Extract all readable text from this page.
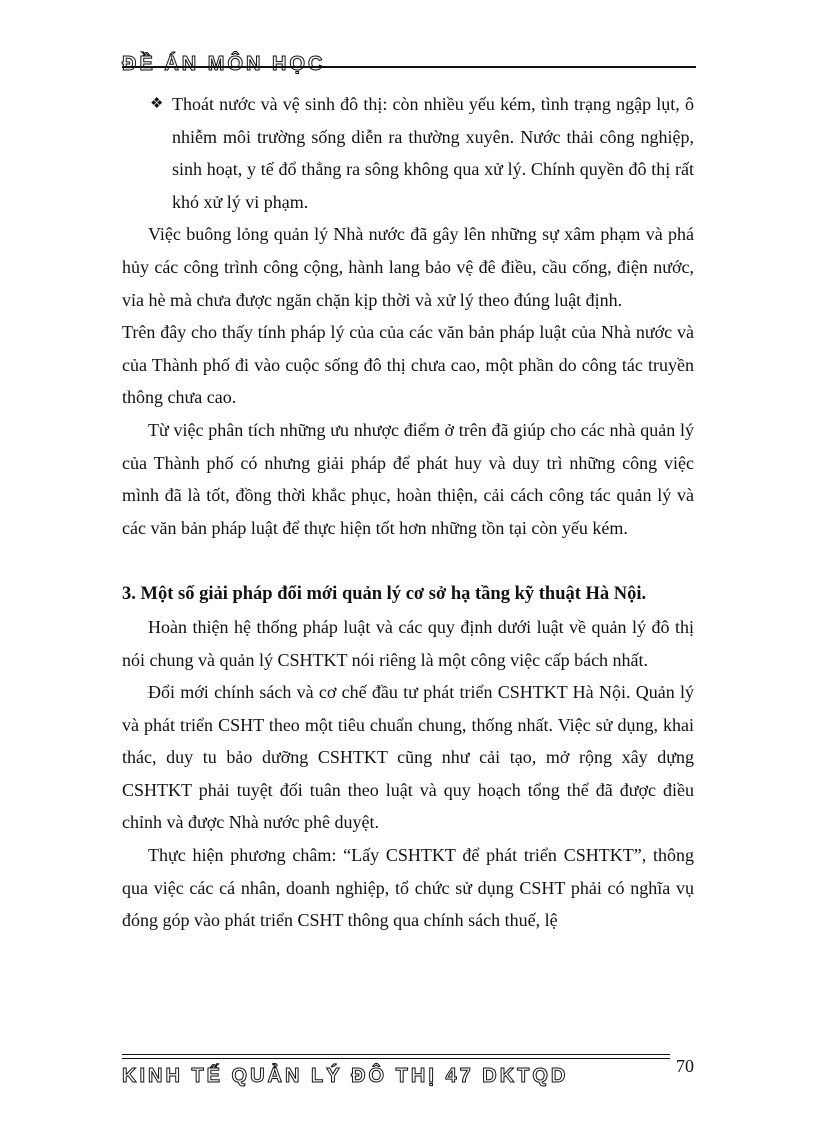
ĐỀ ÁN MÔN HỌC
❖ Thoát nước và vệ sinh đô thị: còn nhiều yếu kém, tình trạng ngập lụt, ô nhiễm môi trường sống diễn ra thường xuyên. Nước thải công nghiệp, sinh hoạt, y tế đổ thẳng ra sông không qua xử lý. Chính quyền đô thị rất khó xử lý vi phạm.

Việc buông lỏng quản lý Nhà nước đã gây lên những sự xâm phạm và phá hủy các công trình công cộng, hành lang bảo vệ đê điều, cầu cống, điện nước, vỉa hè mà chưa được ngăn chặn kịp thời và xử lý theo đúng luật định.

Trên đây cho thấy tính pháp lý của của các văn bản pháp luật của Nhà nước và của Thành phố đi vào cuộc sống đô thị chưa cao, một phần do công tác truyền thông chưa cao.

Từ việc phân tích những ưu nhược điểm ở trên đã giúp cho các nhà quản lý của Thành phố có nhưng giải pháp để phát huy và duy trì những công việc mình đã là tốt, đồng thời khắc phục, hoàn thiện, cải cách công tác quản lý và các văn bản pháp luật để thực hiện tốt hơn những tồn tại còn yếu kém.

3. Một số giải pháp đổi mới quản lý cơ sở hạ tầng kỹ thuật Hà Nội.

Hoàn thiện hệ thống pháp luật và các quy định dưới luật về quản lý đô thị nói chung và quản lý CSHTKT nói riêng là một công việc cấp bách nhất.

Đổi mới chính sách và cơ chế đầu tư phát triển CSHTKT Hà Nội. Quản lý và phát triển CSHT theo một tiêu chuẩn chung, thống nhất. Việc sử dụng, khai thác, duy tu bảo dưỡng CSHTKT cũng như cải tạo, mở rộng xây dựng CSHTKT phải tuyệt đối tuân theo luật và quy hoạch tổng thể đã được điều chỉnh và được Nhà nước phê duyệt.

Thực hiện phương châm: “Lấy CSHTKT để phát triển CSHTKT”, thông qua việc các cá nhân, doanh nghiệp, tổ chức sử dụng CSHT phải có nghĩa vụ đóng góp vào phát triển CSHT thông qua chính sách thuế, lệ

KINH TẾ QUẢN LÝ ĐÔ THỊ 47 DKTQD	70
